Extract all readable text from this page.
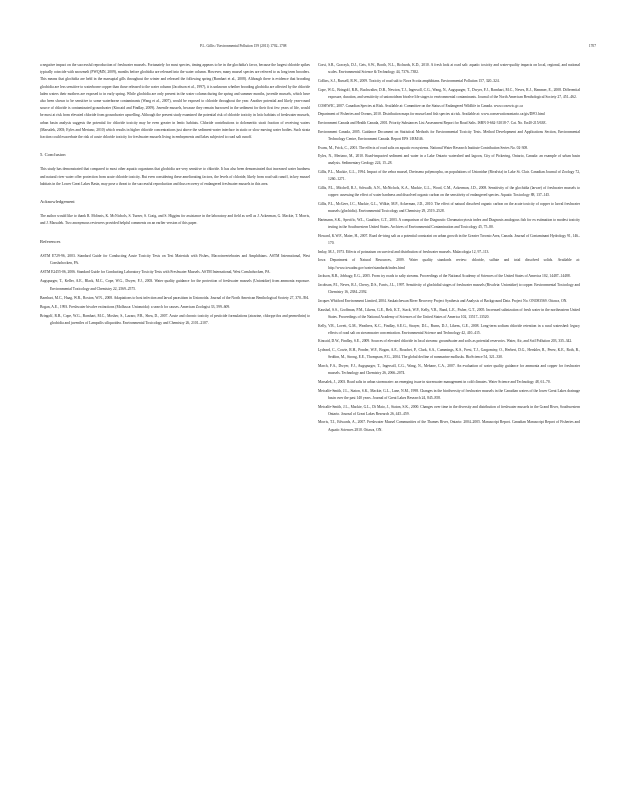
P.L. Gillis / Environmental Pollution 159 (2011) 1702–1708	1707

a negative impact on the successful reproduction of freshwater mussels. Fortunately for most species, timing appears to be in the glochidia's favor, because the largest chloride spikes typically coincide with snowmelt (PWQMN, 2009), months before glochidia are released into the water column. However, many mussel species are referred to as long term brooders. This means that glochidia are held in the marsupial gills throughout the winter and released the following spring (Barnhart et al., 2008). Although there is evidence that brooding glochidia are less sensitive to waterborne copper than those released to the water column (Jacobson et al., 1997), it is unknown whether brooding glochidia are affected by the chloride laden waters their mothers are exposed to in early spring. While glochidia are only present in the water column during the spring and summer months, juvenile mussels, which have also been shown to be sensitive to some waterborne contaminants (Wang et al., 2007), would be exposed to chloride throughout the year. Another potential and likely year-round source of chloride is contaminated groundwater (Kincaid and Findlay, 2009). Juvenile mussels, because they remain burrowed in the sediment for their first few years of life, would be most at risk from elevated chloride from groundwater upwelling. Although the present study examined the potential risk of chloride toxicity in lotic habitats of freshwater mussels, urban basin analysis suggests the potential for chloride toxicity may be even greater in lentic habitats. Chloride contributions to dolomeritic strait fraction of receiving waters (Marsalek, 2003; Eyles and Meriano, 2010) which results in higher chloride concentrations just above the sediment-water interface in static or slow moving water bodies. Such strata fraction could exacerbate the risk of acute chloride toxicity for freshwater mussels living in embayments and lakes subjected to road salt runoff.

5. Conclusion

This study has demonstrated that compared to most other aquatic organisms that glochidia are very sensitive to chloride. It has also been demonstrated that increased water hardness and natural river water offer protection from acute chloride toxicity. But even considering these ameliorating factors, the levels of chloride, likely from road salt runoff, in key mussel habitats in the Lower Great Lakes Basin, may pose a threat to the successful reproduction and thus recovery of endangered freshwater mussels in this area.

Acknowledgement

The author would like to thank R. McInnis, K. McNichols, S. Turner, S. Craig, and S. Higgins for assistance in the laboratory and field as well as J. Ackerman, G. Mackie, T. Morris, and J. Marsalek. Two anonymous reviewers provided helpful comments on an earlier version of this paper.

References

ASTM E729-96, 2003. Standard Guide for Conducting Acute Toxicity Tests on Test Materials with Fishes, Macroinvertebrates and Amphibians. ASTM International, West Conshohocken, PA.

ASTM E2455-06, 2006. Standard Guide for Conducting Laboratory Toxicity Tests with Freshwater Mussels. ASTM International, West Conshohocken, PA.

Augspurger, T., Keller, A.E., Black, M.C., Cope, W.G., Dwyer, F.J., 2003. Water quality guidance for the protection of freshwater mussels (Unionidae) from ammonia exposure. Environmental Toxicology and Chemistry 22, 2569–2575.

Barnhart, M.C., Haag, W.R., Roston, W.N., 2008. Adaptations to host infection and larval parasitism in Unionoida. Journal of the North American Benthological Society 27, 370–394.

Bogan, A.E., 1993. Freshwater bivalve extinctions (Mollusca: Unionoida): a search for causes. American Zoologist 33, 599–609.

Bringolf, R.B., Cope, W.G., Barnhart, M.C., Mosher, S., Lazaro, P.R., Shea, D., 2007. Acute and chronic toxicity of pesticide formulations (atrazine, chlorpyrifos and permethrin) to glochidia and juveniles of Lampsilis siliquoidea. Environmental Toxicology and Chemistry 26, 2101–2107.

Corsi, S.R., Graczyk, D.J., Geis, S.W., Booth, N.L., Richards, K.D., 2010. A fresh look at road salt: aquatic toxicity and water-quality impacts on local, regional, and national scales. Environmental Science & Technology 44, 7376–7382.

Collins, S.J., Russell, R.W., 2009. Toxicity of road salt to Nova Scotia amphibians. Environmental Pollution 157, 320–324.

Cope, W.G., Bringolf, R.B., Buchwalter, D.B., Newton, T.J., Ingersoll, C.G., Wang, N., Augspurger, T., Dwyer, F.J., Barnhart, M.C., Neves, R.J., Hammer, E., 2008. Differential exposure, duration, and sensitivity of unionoidean bivalve life stages to environmental contaminants. Journal of the North American Benthological Society 27, 451–462.

COSEWIC, 2007. Canadian Species at Risk. Available at: Committee on the Status of Endangered Wildlife in Canada. www.cosewic.gc.ca

Department of Fisheries and Oceans, 2010. Distribution maps for mussel and fish species at risk. Available at: www.conservationontario.ca/gis/DFO.html

Environment Canada and Health Canada, 2001. Priority Substances List Assessment Report for Road Salts. ISBN 0-662-31018-7. Cat. No. En40-215/63E.

Environment Canada, 2005. Guidance Document on Statistical Methods for Environmental Toxicity Tests. Method Development and Applications Section, Environmental Technology Centre, Environment Canada. Report EPS 1/RM/46.

Evans, M., Frick, C., 2001. The effects of road salts on aquatic ecosystems. National Water Research Institute Contribution Series No. 02-308.

Eyles, N., Meriano, M., 2010. Road-impacted sediment and water in a Lake Ontario watershed and lagoon, City of Pickering, Ontario, Canada: an example of urban basin analysis. Sedimentary Geology 224, 15–28.

Gillis, P.L., Mackie, G.L., 1994. Impact of the zebra mussel, Dreissena polymorpha, on populations of Unionidae (Bivalvia) in Lake St. Clair. Canadian Journal of Zoology 72, 1260–1271.

Gillis, P.L., Mitchell, R.J., Schwalb, A.N., McNichols, K.A., Mackie, G.L., Wood, C.M., Ackerman, J.D., 2008. Sensitivity of the glochidia (larvae) of freshwater mussels to copper: assessing the effect of water hardness and dissolved organic carbon on the sensitivity of endangered species. Aquatic Toxicology 88, 137–145.

Gillis, P.L., McGeer, J.C., Mackie, G.L., Wilkie, M.P., Ackerman, J.D., 2010. The effect of natural dissolved organic carbon on the acute toxicity of copper to larval freshwater mussels (glochidia). Environmental Toxicology and Chemistry 29, 2519–2528.

Hartmann, S.K., Specific, W.L., Gauthier, G.T., 2003. A comparison of the Diagnostic Cheumatocytosis index and Diagnosis analogous fish for ex estimation to modest toxicity testing in the Southwestern United States. Archives of Environmental Contamination and Toxicology 45, 75–80.

Howard, K.W.F., Maier, H., 2007. Road de-icing salt as a potential constraint on urban growth in the Greater Toronto Area, Canada. Journal of Contaminant Hydrology 91, 146–170.

Imlay, M.J., 1973. Effects of potassium on survival and distribution of freshwater mussels. Malacologia 12, 97–113.

Iowa Department of Natural Resources, 2009. Water quality standards review: chloride, sulfate and total dissolved solids. Available at: http://www.iowadnr.gov/water/standards/index.html

Jackson, R.B., Jobbagy, E.G., 2005. From icy roads to salty streams. Proceedings of the National Academy of Sciences of the United States of America 102, 14487–14488.

Jacobson, P.J., Neves, R.J., Cherry, D.S., Farris, J.L., 1997. Sensitivity of glochidial stages of freshwater mussels (Bivalvia: Unionidae) to copper. Environmental Toxicology and Chemistry 16, 2384–2392.

Jacques Whitford Environment Limited, 2004. Saskatchewan River Recovery Project Synthesis and Analysis of Background Data. Project No. ONO83569. Ottawa, ON.

Kaushal, S.S., Groffman, P.M., Likens, G.E., Belt, K.T., Stack, W.P., Kelly, V.R., Band, L.E., Fisher, G.T., 2005. Increased salinization of fresh water in the northeastern United States. Proceedings of the National Academy of Sciences of the United States of America 102, 13517–13520.

Kelly, V.R., Lovett, G.M., Weathers, K.C., Findlay, S.E.G., Strayer, D.L., Burns, D.J., Likens, G.E., 2008. Long-term sodium chloride retention in a rural watershed: legacy effects of road salt on streamwater concentration. Environmental Science and Technology 42, 410–415.

Kincaid, D.W., Findlay, S.E., 2009. Sources of elevated chloride in local streams: groundwater and soils as potential reservoirs. Water, Air, and Soil Pollution 203, 335–342.

Lydeard, C., Cowie, R.H., Ponder, W.F., Bogan, A.E., Bouchet, P., Clark, S.A., Cummings, K.S., Frest, T.J., Gargominy, O., Herbert, D.G., Hershler, R., Perez, K.E., Roth, B., Seddon, M., Strong, E.E., Thompson, F.G., 2004. The global decline of nonmarine mollusks. BioScience 54, 321–330.

March, F.A., Dwyer, F.J., Augspurger, T., Ingersoll, C.G., Wang, N., Mebane, C.A., 2007. An evaluation of water quality guidance for ammonia and copper for freshwater mussels. Technology and Chemistry 26, 2066–2074.

Marsalek, J., 2003. Road salts in urban stormwater: an emerging issue in stormwater management in cold climates. Water Science and Technology 48, 61–70.

Metcalfe-Smith, J.L., Staton, S.K., Mackie, G.L., Lane, N.M., 1998. Changes in the biodiversity of freshwater mussels in the Canadian waters of the lower Great Lakes drainage basin over the past 140 years. Journal of Great Lakes Research 24, 845–858.

Metcalfe-Smith, J.L., Mackie, G.L., Di Maio, J., Staton, S.K., 2000. Changes over time in the diversity and distribution of freshwater mussels in the Grand River, Southwestern Ontario. Journal of Great Lakes Research 26, 445–459.

Morris, T.J., Edwards, A., 2007. Freshwater Mussel Communities of the Thames River, Ontario: 2004–2005. Manuscript Report. Canadian Manuscript Report of Fisheries and Aquatic Sciences 2810. Ottawa, ON.
